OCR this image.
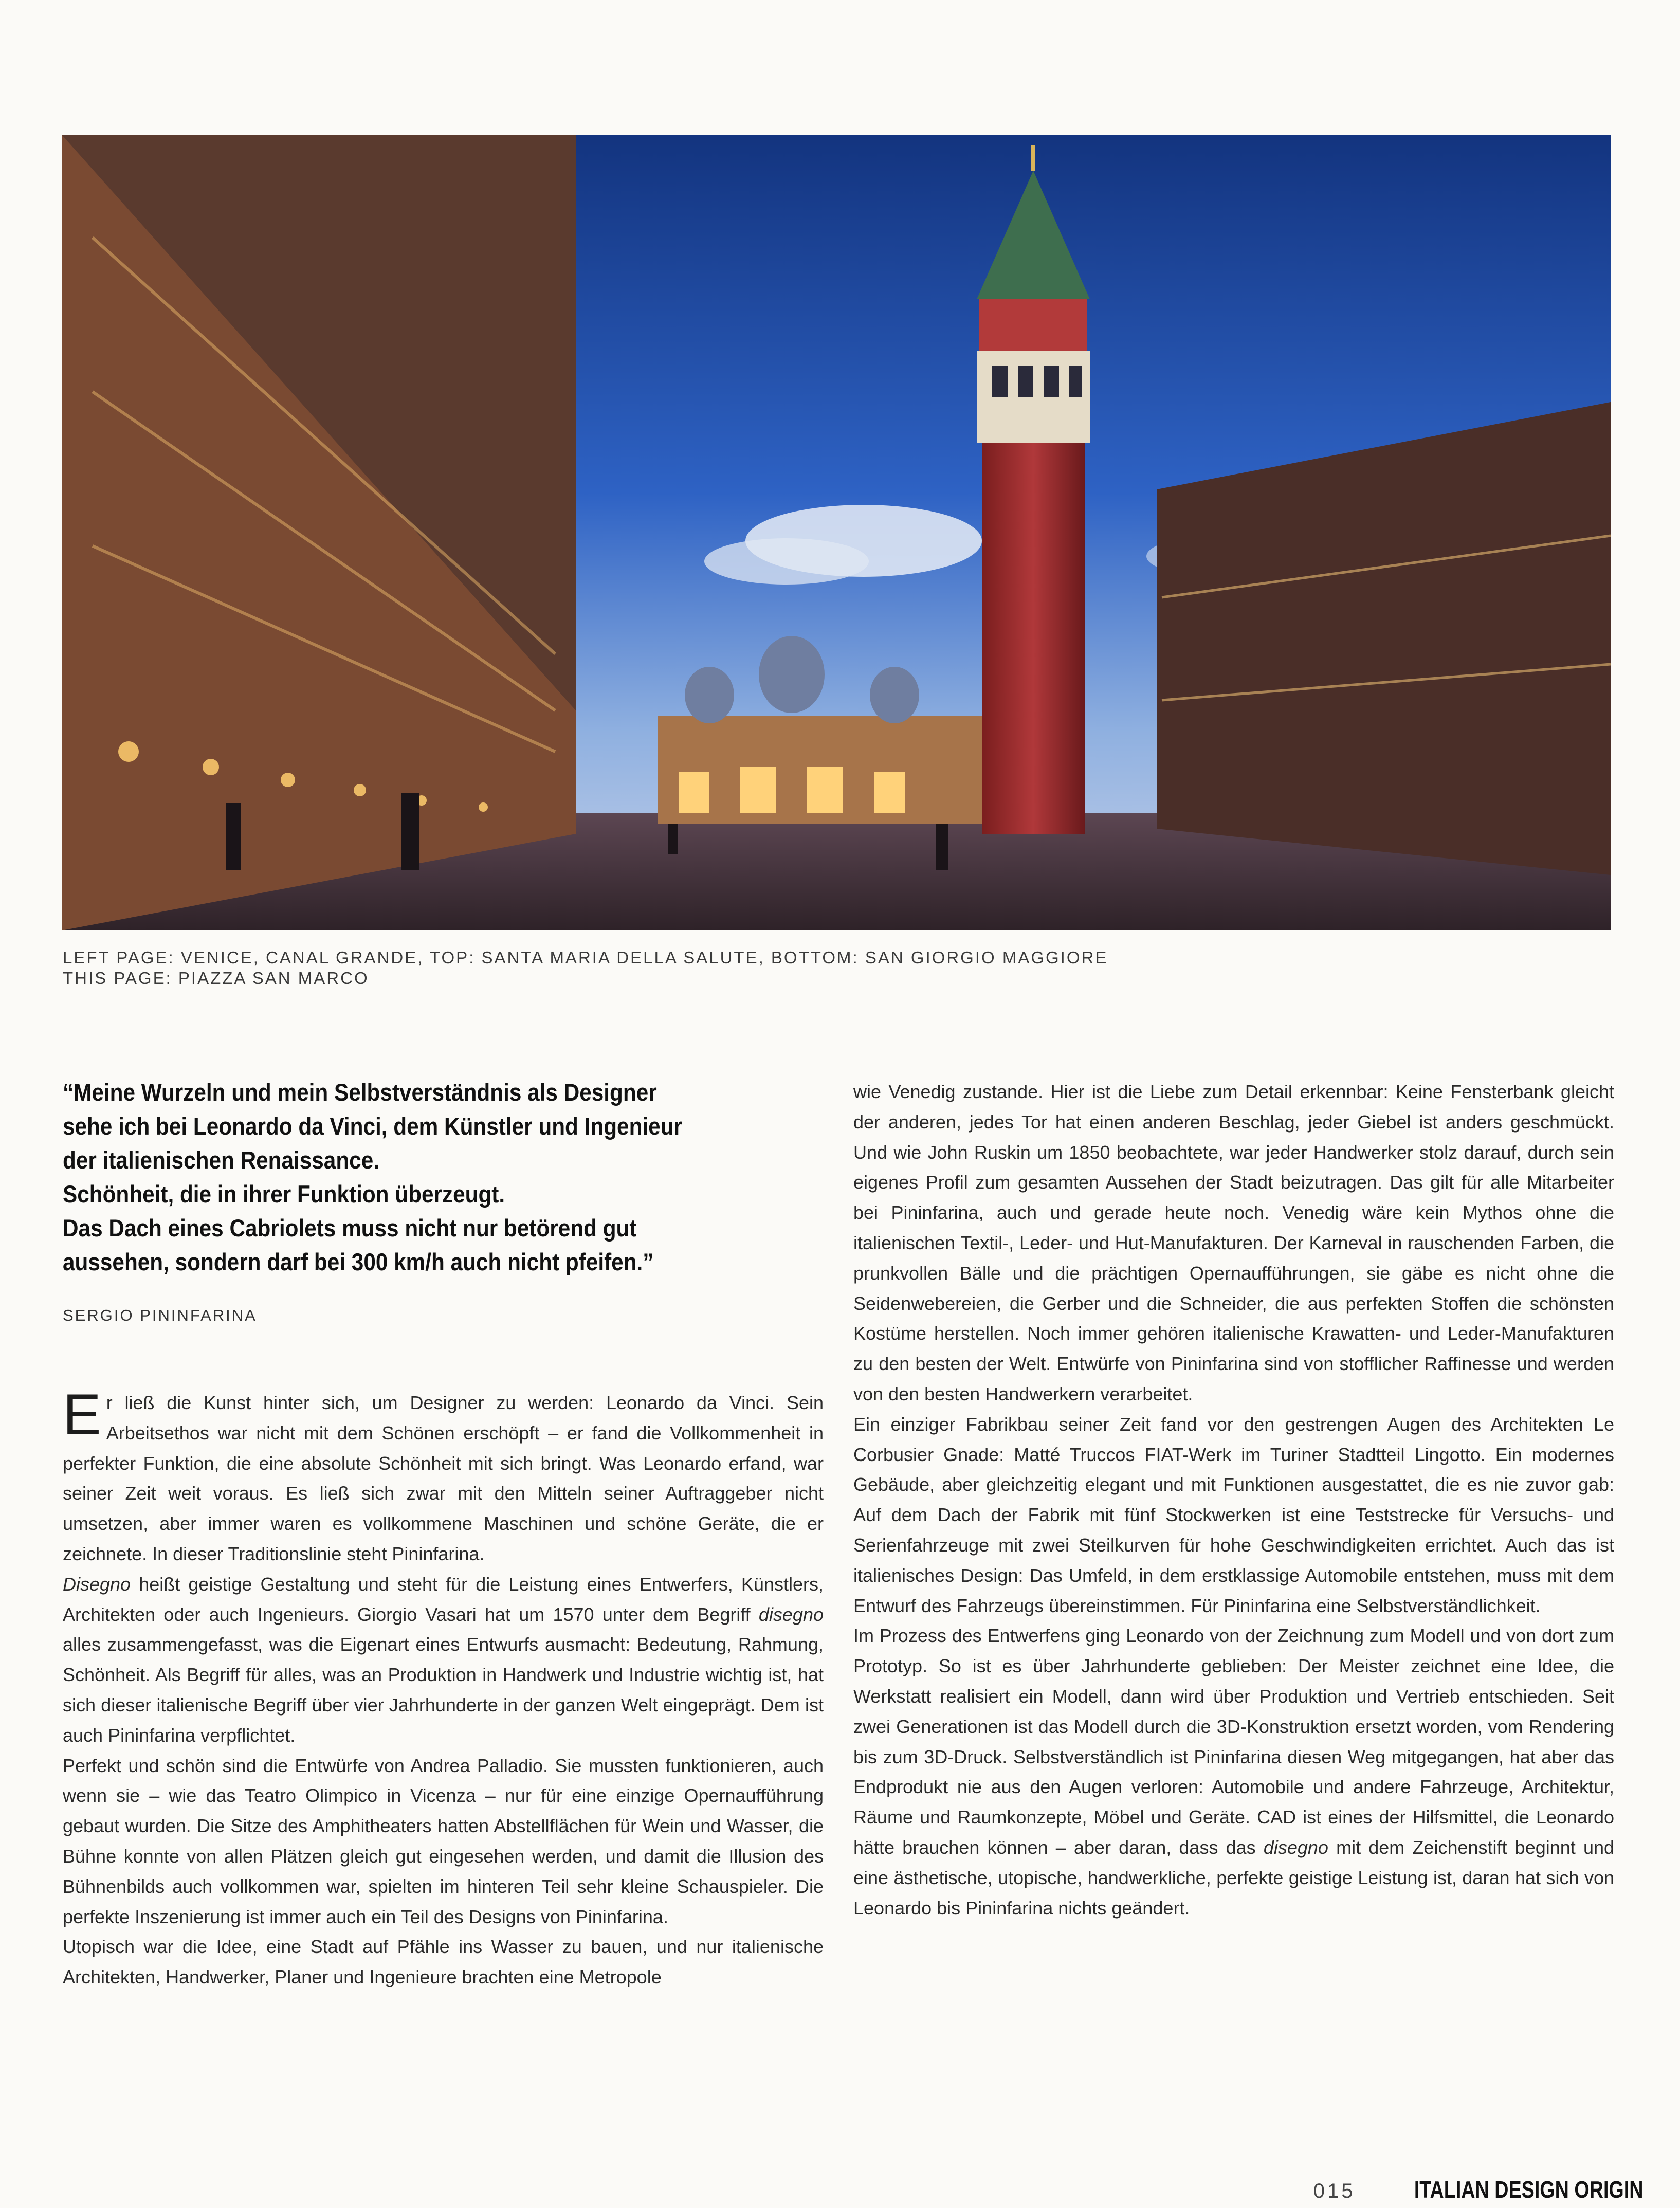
LEFT PAGE: VENICE, CANAL GRANDE, TOP: SANTA MARIA DELLA SALUTE, BOTTOM: SAN GIORGIO MAGGIORE
THIS PAGE: PIAZZA SAN MARCO
“Meine Wurzeln und mein Selbstverständnis als Designer
sehe ich bei Leonardo da Vinci, dem Künstler und Ingenieur
der italienischen Renaissance.
Schönheit, die in ihrer Funktion überzeugt.
Das Dach eines Cabriolets muss nicht nur betörend gut
aussehen, sondern darf bei 300 km/h auch nicht pfeifen.”
SERGIO PININFARINA

Er ließ die Kunst hinter sich, um Designer zu werden: Leonardo da Vinci. Sein Arbeitsethos war nicht mit dem Schönen erschöpft – er fand die Vollkommenheit in perfekter Funktion, die eine absolute Schönheit mit sich bringt. Was Leonardo erfand, war seiner Zeit weit voraus. Es ließ sich zwar mit den Mitteln seiner Auftraggeber nicht umsetzen, aber immer waren es vollkommene Maschinen und schöne Geräte, die er zeichnete. In dieser Traditionslinie steht Pininfarina.

Disegno heißt geistige Gestaltung und steht für die Leistung eines Entwerfers, Künstlers, Architekten oder auch Ingenieurs. Giorgio Vasari hat um 1570 unter dem Begriff disegno alles zusammengefasst, was die Eigenart eines Entwurfs ausmacht: Bedeutung, Rahmung, Schönheit. Als Begriff für alles, was an Produktion in Handwerk und Industrie wichtig ist, hat sich dieser italienische Begriff über vier Jahrhunderte in der ganzen Welt eingeprägt. Dem ist auch Pininfarina verpflichtet.

Perfekt und schön sind die Entwürfe von Andrea Palladio. Sie mussten funktionieren, auch wenn sie – wie das Teatro Olimpico in Vicenza – nur für eine einzige Opernaufführung gebaut wurden. Die Sitze des Amphitheaters hatten Abstellflächen für Wein und Wasser, die Bühne konnte von allen Plätzen gleich gut eingesehen werden, und damit die Illusion des Bühnenbilds auch vollkommen war, spielten im hinteren Teil sehr kleine Schauspieler. Die perfekte Inszenierung ist immer auch ein Teil des Designs von Pininfarina.

Utopisch war die Idee, eine Stadt auf Pfähle ins Wasser zu bauen, und nur italienische Architekten, Handwerker, Planer und Ingenieure brachten eine Metropole

wie Venedig zustande. Hier ist die Liebe zum Detail erkennbar: Keine Fensterbank gleicht der anderen, jedes Tor hat einen anderen Beschlag, jeder Giebel ist anders geschmückt. Und wie John Ruskin um 1850 beobachtete, war jeder Handwerker stolz darauf, durch sein eigenes Profil zum gesamten Aussehen der Stadt beizutragen. Das gilt für alle Mitarbeiter bei Pininfarina, auch und gerade heute noch. Venedig wäre kein Mythos ohne die italienischen Textil-, Leder- und Hut-Manufakturen. Der Karneval in rauschenden Farben, die prunkvollen Bälle und die prächtigen Opernaufführungen, sie gäbe es nicht ohne die Seidenwebereien, die Gerber und die Schneider, die aus perfekten Stoffen die schönsten Kostüme herstellen. Noch immer gehören italienische Krawatten- und Leder-Manufakturen zu den besten der Welt. Entwürfe von Pininfarina sind von stofflicher Raffinesse und werden von den besten Handwerkern verarbeitet.

Ein einziger Fabrikbau seiner Zeit fand vor den gestrengen Augen des Architekten Le Corbusier Gnade: Matté Truccos FIAT-Werk im Turiner Stadtteil Lingotto. Ein modernes Gebäude, aber gleichzeitig elegant und mit Funktionen ausgestattet, die es nie zuvor gab: Auf dem Dach der Fabrik mit fünf Stockwerken ist eine Teststrecke für Versuchs- und Serienfahrzeuge mit zwei Steilkurven für hohe Geschwindigkeiten errichtet. Auch das ist italienisches Design: Das Umfeld, in dem erstklassige Automobile entstehen, muss mit dem Entwurf des Fahrzeugs übereinstimmen. Für Pininfarina eine Selbstverständlichkeit.

Im Prozess des Entwerfens ging Leonardo von der Zeichnung zum Modell und von dort zum Prototyp. So ist es über Jahrhunderte geblieben: Der Meister zeichnet eine Idee, die Werkstatt realisiert ein Modell, dann wird über Produktion und Vertrieb entschieden. Seit zwei Generationen ist das Modell durch die 3D-Konstruktion ersetzt worden, vom Rendering bis zum 3D-Druck. Selbstverständlich ist Pininfarina diesen Weg mitgegangen, hat aber das Endprodukt nie aus den Augen verloren: Automobile und andere Fahrzeuge, Architektur, Räume und Raumkonzepte, Möbel und Geräte. CAD ist eines der Hilfsmittel, die Leonardo hätte brauchen können – aber daran, dass das disegno mit dem Zeichenstift beginnt und eine ästhetische, utopische, handwerkliche, perfekte geistige Leistung ist, daran hat sich von Leonardo bis Pininfarina nichts geändert.

015 ITALIAN DESIGN ORIGIN
